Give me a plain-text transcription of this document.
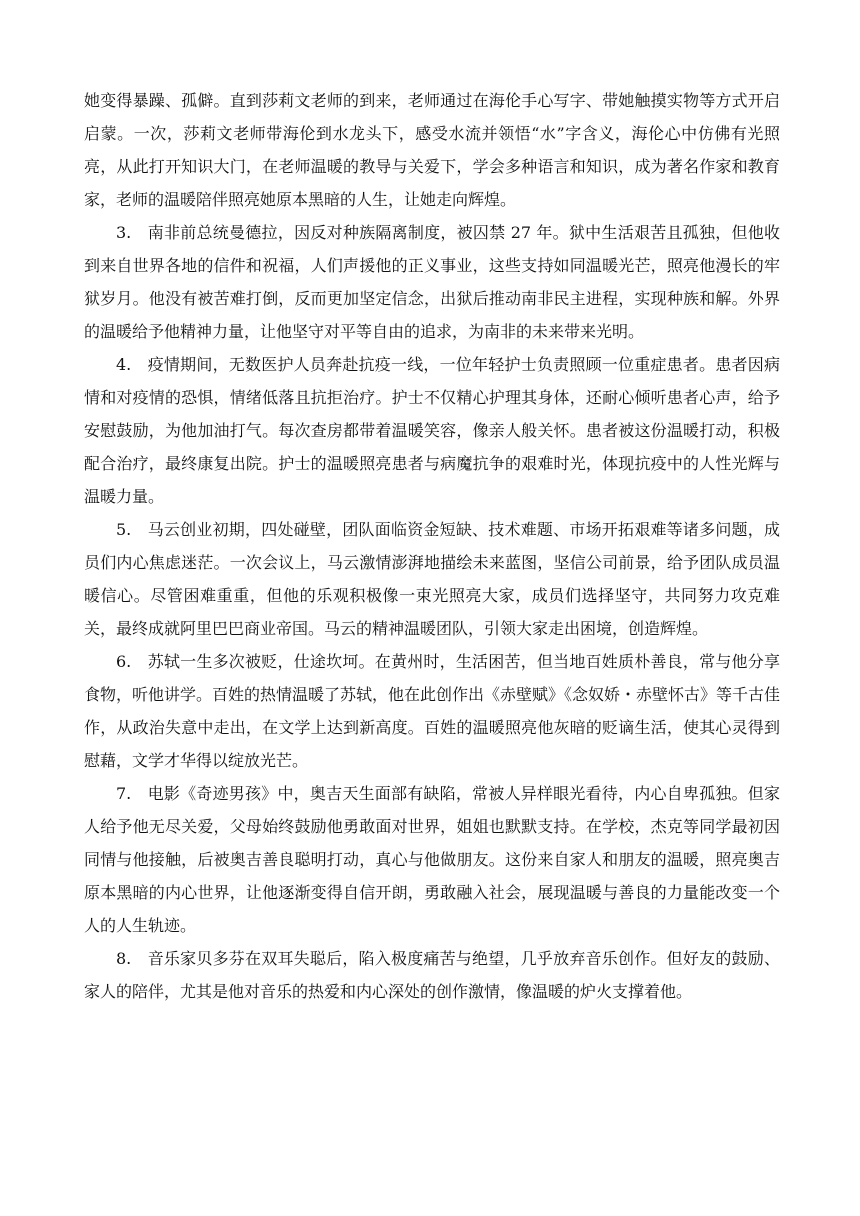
她变得暴躁、孤僻。直到莎莉文老师的到来，老师通过在海伦手心写字、带她触摸实物等方式开启启蒙。一次，莎莉文老师带海伦到水龙头下，感受水流并领悟“水”字含义，海伦心中仿佛有光照亮，从此打开知识大门，在老师温暖的教导与关爱下，学会多种语言和知识，成为著名作家和教育家，老师的温暖陪伴照亮她原本黑暗的人生，让她走向辉煌。

3.　南非前总统曼德拉，因反对种族隔离制度，被囚禁 27 年。狱中生活艰苦且孤独，但他收到来自世界各地的信件和祝福，人们声援他的正义事业，这些支持如同温暖光芒，照亮他漫长的牢狱岁月。他没有被苦难打倒，反而更加坚定信念，出狱后推动南非民主进程，实现种族和解。外界的温暖给予他精神力量，让他坚守对平等自由的追求，为南非的未来带来光明。

4.　疫情期间，无数医护人员奔赴抗疫一线，一位年轻护士负责照顾一位重症患者。患者因病情和对疫情的恐惧，情绪低落且抗拒治疗。护士不仅精心护理其身体，还耐心倾听患者心声，给予安慰鼓励，为他加油打气。每次查房都带着温暖笑容，像亲人般关怀。患者被这份温暖打动，积极配合治疗，最终康复出院。护士的温暖照亮患者与病魔抗争的艰难时光，体现抗疫中的人性光辉与温暖力量。

5.　马云创业初期，四处碰壁，团队面临资金短缺、技术难题、市场开拓艰难等诸多问题，成员们内心焦虑迷茫。一次会议上，马云激情澎湃地描绘未来蓝图，坚信公司前景，给予团队成员温暖信心。尽管困难重重，但他的乐观积极像一束光照亮大家，成员们选择坚守，共同努力攻克难关，最终成就阿里巴巴商业帝国。马云的精神温暖团队，引领大家走出困境，创造辉煌。

6.　苏轼一生多次被贬，仕途坎坷。在黄州时，生活困苦，但当地百姓质朴善良，常与他分享食物，听他讲学。百姓的热情温暖了苏轼，他在此创作出《赤壁赋》《念奴娇・赤壁怀古》等千古佳作，从政治失意中走出，在文学上达到新高度。百姓的温暖照亮他灰暗的贬谪生活，使其心灵得到慰藉，文学才华得以绽放光芒。

7.　电影《奇迹男孩》中，奥吉天生面部有缺陷，常被人异样眼光看待，内心自卑孤独。但家人给予他无尽关爱，父母始终鼓励他勇敢面对世界，姐姐也默默支持。在学校，杰克等同学最初因同情与他接触，后被奥吉善良聪明打动，真心与他做朋友。这份来自家人和朋友的温暖，照亮奥吉原本黑暗的内心世界，让他逐渐变得自信开朗，勇敢融入社会，展现温暖与善良的力量能改变一个人的人生轨迹。

8.　音乐家贝多芬在双耳失聪后，陷入极度痛苦与绝望，几乎放弃音乐创作。但好友的鼓励、家人的陪伴，尤其是他对音乐的热爱和内心深处的创作激情，像温暖的炉火支撑着他。
